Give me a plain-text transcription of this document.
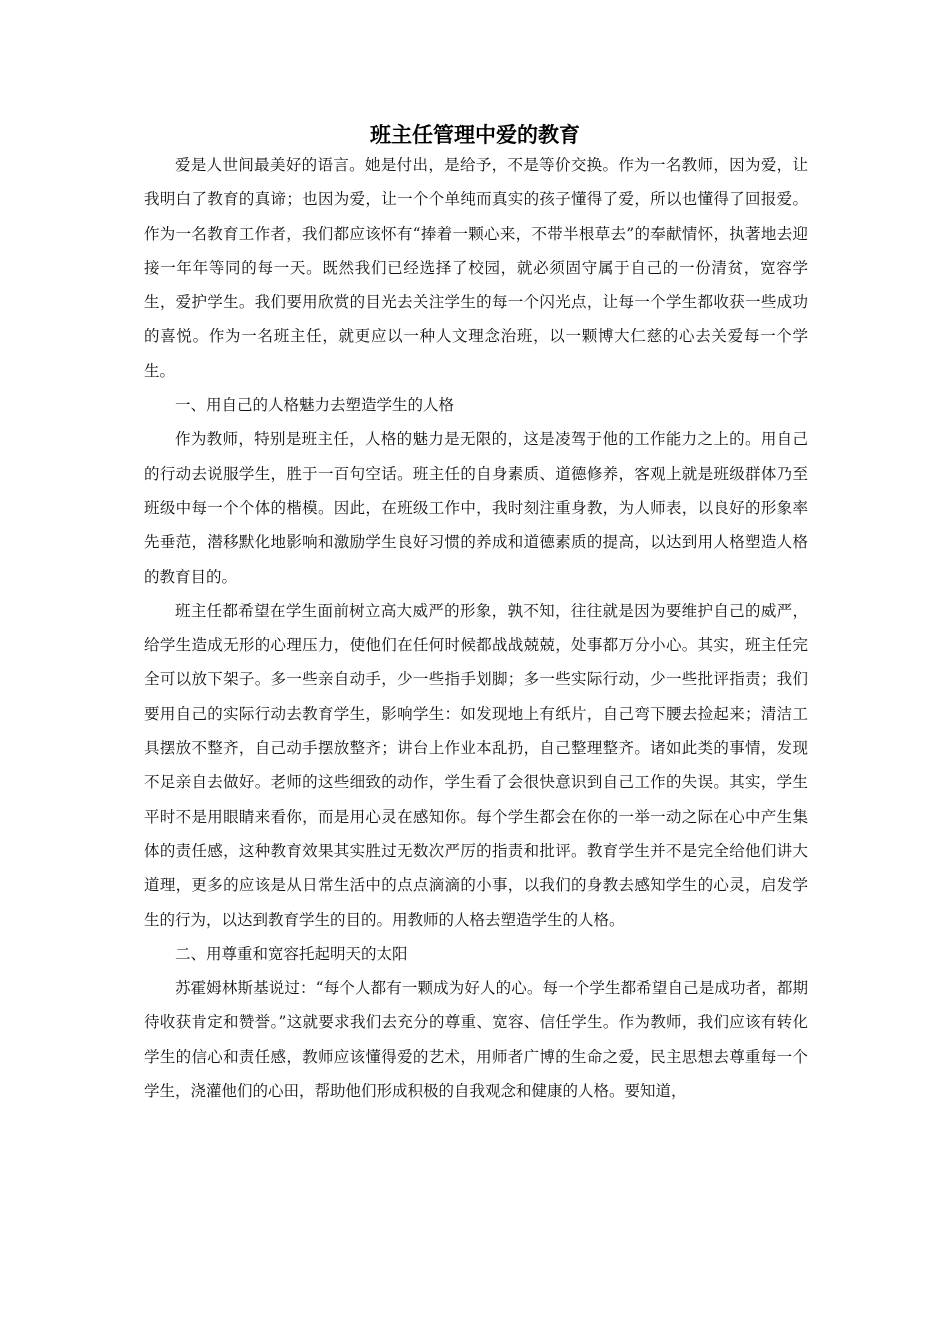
班主任管理中爱的教育

爱是人世间最美好的语言。她是付出，是给予，不是等价交换。作为一名教师，因为爱，让我明白了教育的真谛；也因为爱，让一个个单纯而真实的孩子懂得了爱，所以也懂得了回报爱。作为一名教育工作者，我们都应该怀有“捧着一颗心来，不带半根草去”的奉献情怀，执著地去迎接一年年等同的每一天。既然我们已经选择了校园，就必须固守属于自己的一份清贫，宽容学生，爱护学生。我们要用欣赏的目光去关注学生的每一个闪光点，让每一个学生都收获一些成功的喜悦。作为一名班主任，就更应以一种人文理念治班，以一颗博大仁慈的心去关爱每一个学生。

一、用自己的人格魅力去塑造学生的人格

作为教师，特别是班主任，人格的魅力是无限的，这是凌驾于他的工作能力之上的。用自己的行动去说服学生，胜于一百句空话。班主任的自身素质、道德修养，客观上就是班级群体乃至班级中每一个个体的楷模。因此，在班级工作中，我时刻注重身教，为人师表，以良好的形象率先垂范，潜移默化地影响和激励学生良好习惯的养成和道德素质的提高，以达到用人格塑造人格的教育目的。

班主任都希望在学生面前树立高大威严的形象，孰不知，往往就是因为要维护自己的威严，给学生造成无形的心理压力，使他们在任何时候都战战兢兢，处事都万分小心。其实，班主任完全可以放下架子。多一些亲自动手，少一些指手划脚；多一些实际行动，少一些批评指责；我们要用自己的实际行动去教育学生，影响学生：如发现地上有纸片，自己弯下腰去捡起来；清洁工具摆放不整齐，自己动手摆放整齐；讲台上作业本乱扔，自己整理整齐。诸如此类的事情，发现不足亲自去做好。老师的这些细致的动作，学生看了会很快意识到自己工作的失误。其实，学生平时不是用眼睛来看你，而是用心灵在感知你。每个学生都会在你的一举一动之际在心中产生集体的责任感，这种教育效果其实胜过无数次严厉的指责和批评。教育学生并不是完全给他们讲大道理，更多的应该是从日常生活中的点点滴滴的小事，以我们的身教去感知学生的心灵，启发学生的行为，以达到教育学生的目的。用教师的人格去塑造学生的人格。

二、用尊重和宽容托起明天的太阳

苏霍姆林斯基说过：“每个人都有一颗成为好人的心。每一个学生都希望自己是成功者，都期待收获肯定和赞誉。”这就要求我们去充分的尊重、宽容、信任学生。作为教师，我们应该有转化学生的信心和责任感，教师应该懂得爱的艺术，用师者广博的生命之爱，民主思想去尊重每一个学生，浇灌他们的心田，帮助他们形成积极的自我观念和健康的人格。要知道，
